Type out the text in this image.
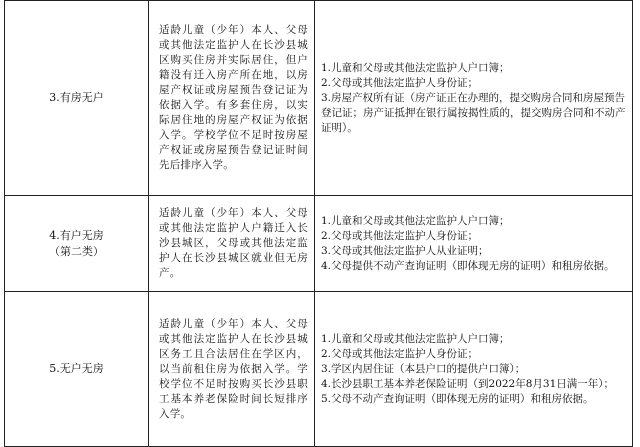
3.有房无户	适龄儿童（少年）本人、父母或其他法定监护人在长沙县城区购买住房并实际居住，但户籍没有迁入房产所在地，以房屋产权证或房屋预告登记证为依据入学。有多套住房，以实际居住地的房屋产权证为依据入学。学校学位不足时按房屋产权证或房屋预告登记证时间先后排序入学。	1.儿童和父母或其他法定监护人户口簿；
2.父母或其他法定监护人身份证；
3.房屋产权所有证（房产证正在办理的，提交购房合同和房屋预告登记证；房产证抵押在银行属按揭性质的，提交购房合同和不动产证明）。

4.有户无房
（第二类）	适龄儿童（少年）本人、父母或其他法定监护人户籍迁入长沙县城区，父母或其他法定监护人在长沙县城区就业但无房产。	1.儿童和父母或其他法定监护人户口簿；
2.父母或其他法定监护人身份证；
3.父母或其他法定监护人从业证明；
4.父母提供不动产查询证明（即体现无房的证明）和租房依据。

5.无户无房	适龄儿童（少年）本人、父母或其他法定监护人在长沙县城区务工且合法居住在学区内，以当前租住房为依据入学。学校学位不足时按购买长沙县职工基本养老保险时间长短排序入学。	1.儿童和父母或其他法定监护人户口簿；
2.父母或其他法定监护人身份证；
3.学区内居住证（本县户口的提供户口簿）；
4.长沙县职工基本养老保险证明（到2022年8月31日满一年）；
5.父母不动产查询证明（即体现无房的证明）和租房依据。
